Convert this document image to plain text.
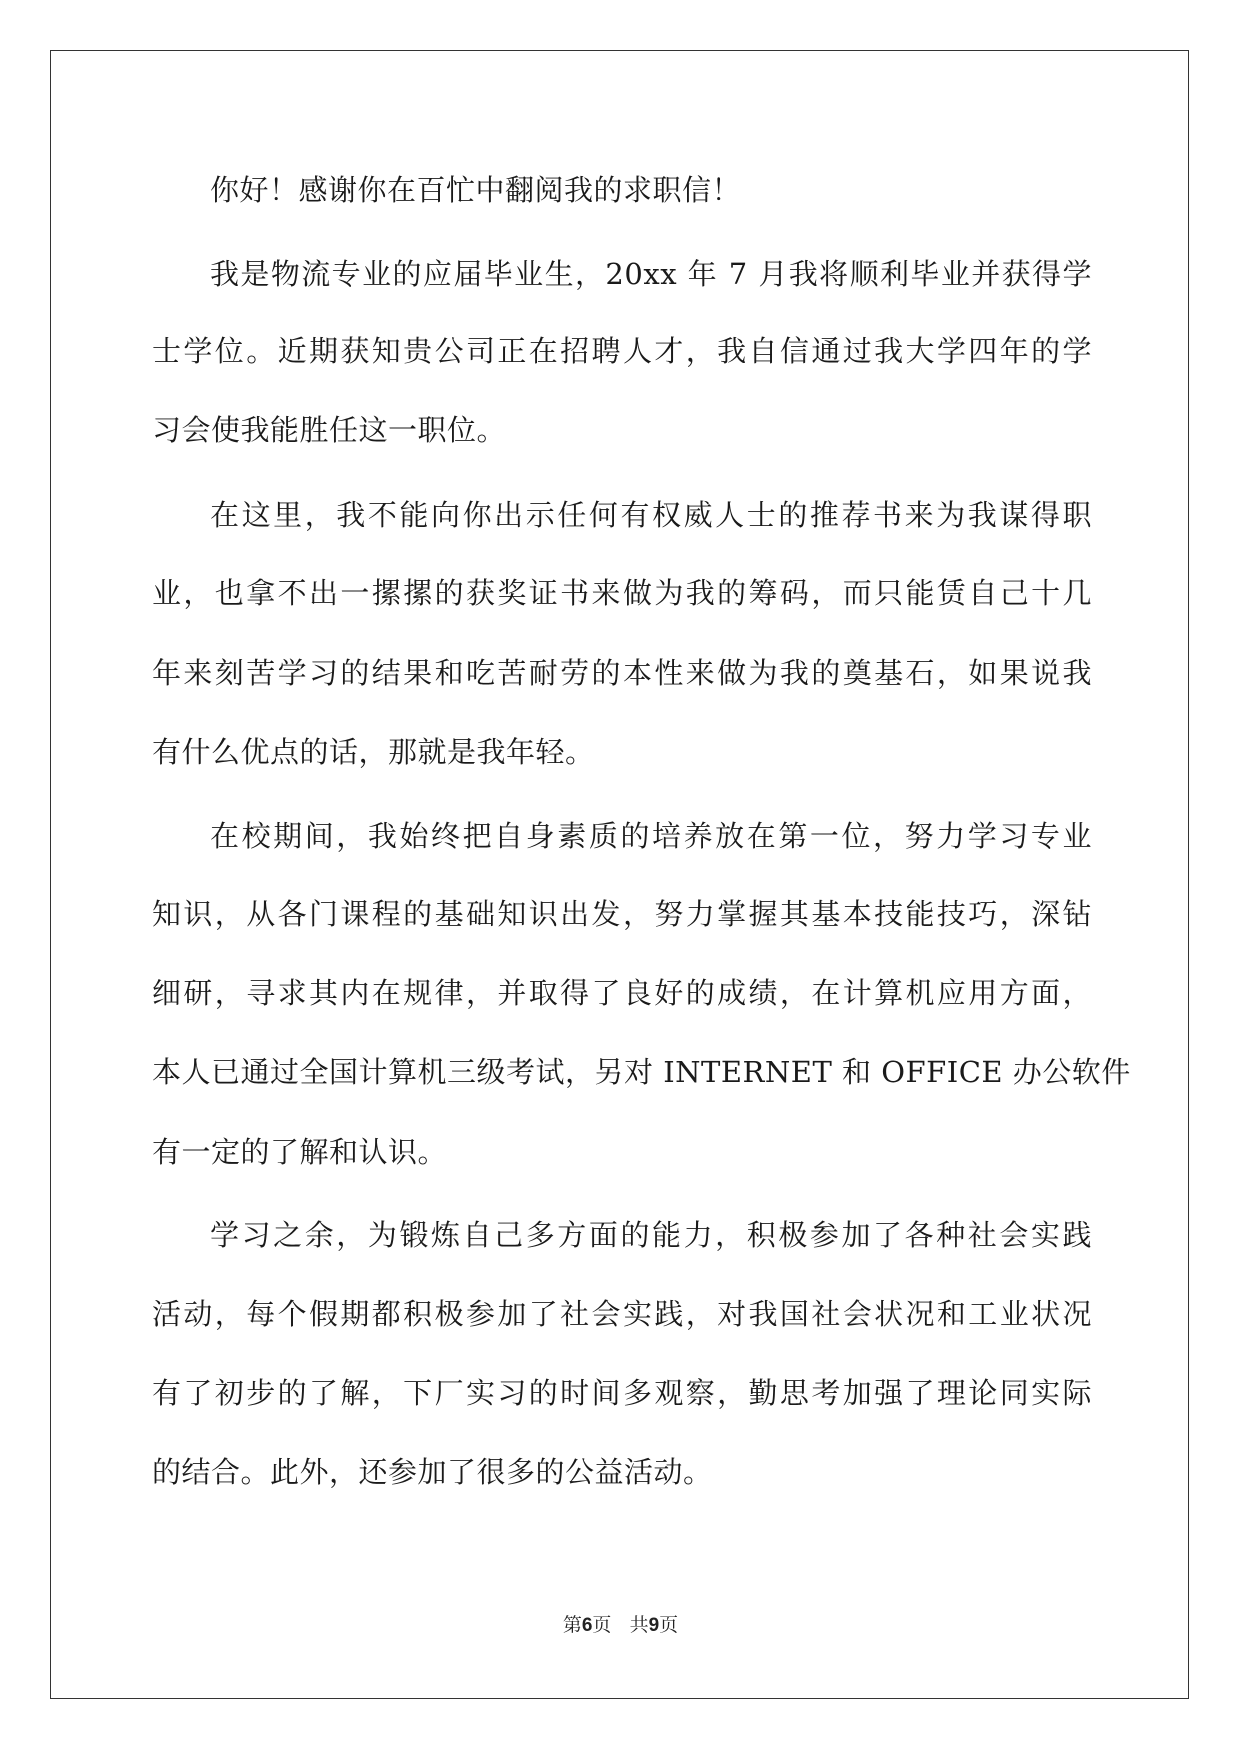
你好！感谢你在百忙中翻阅我的求职信！
我是物流专业的应届毕业生，20xx 年 7 月我将顺利毕业并获得学
士学位。近期获知贵公司正在招聘人才，我自信通过我大学四年的学
习会使我能胜任这一职位。
在这里，我不能向你出示任何有权威人士的推荐书来为我谋得职
业，也拿不出一摞摞的获奖证书来做为我的筹码，而只能赁自己十几
年来刻苦学习的结果和吃苦耐劳的本性来做为我的奠基石，如果说我
有什么优点的话，那就是我年轻。
在校期间，我始终把自身素质的培养放在第一位，努力学习专业
知识，从各门课程的基础知识出发，努力掌握其基本技能技巧，深钻
细研，寻求其内在规律，并取得了良好的成绩，在计算机应用方面，
本人已通过全国计算机三级考试，另对 INTERNET 和 OFFICE 办公软件
有一定的了解和认识。
学习之余，为锻炼自己多方面的能力，积极参加了各种社会实践
活动，每个假期都积极参加了社会实践，对我国社会状况和工业状况
有了初步的了解，下厂实习的时间多观察，勤思考加强了理论同实际
的结合。此外，还参加了很多的公益活动。
第6页 共9页
